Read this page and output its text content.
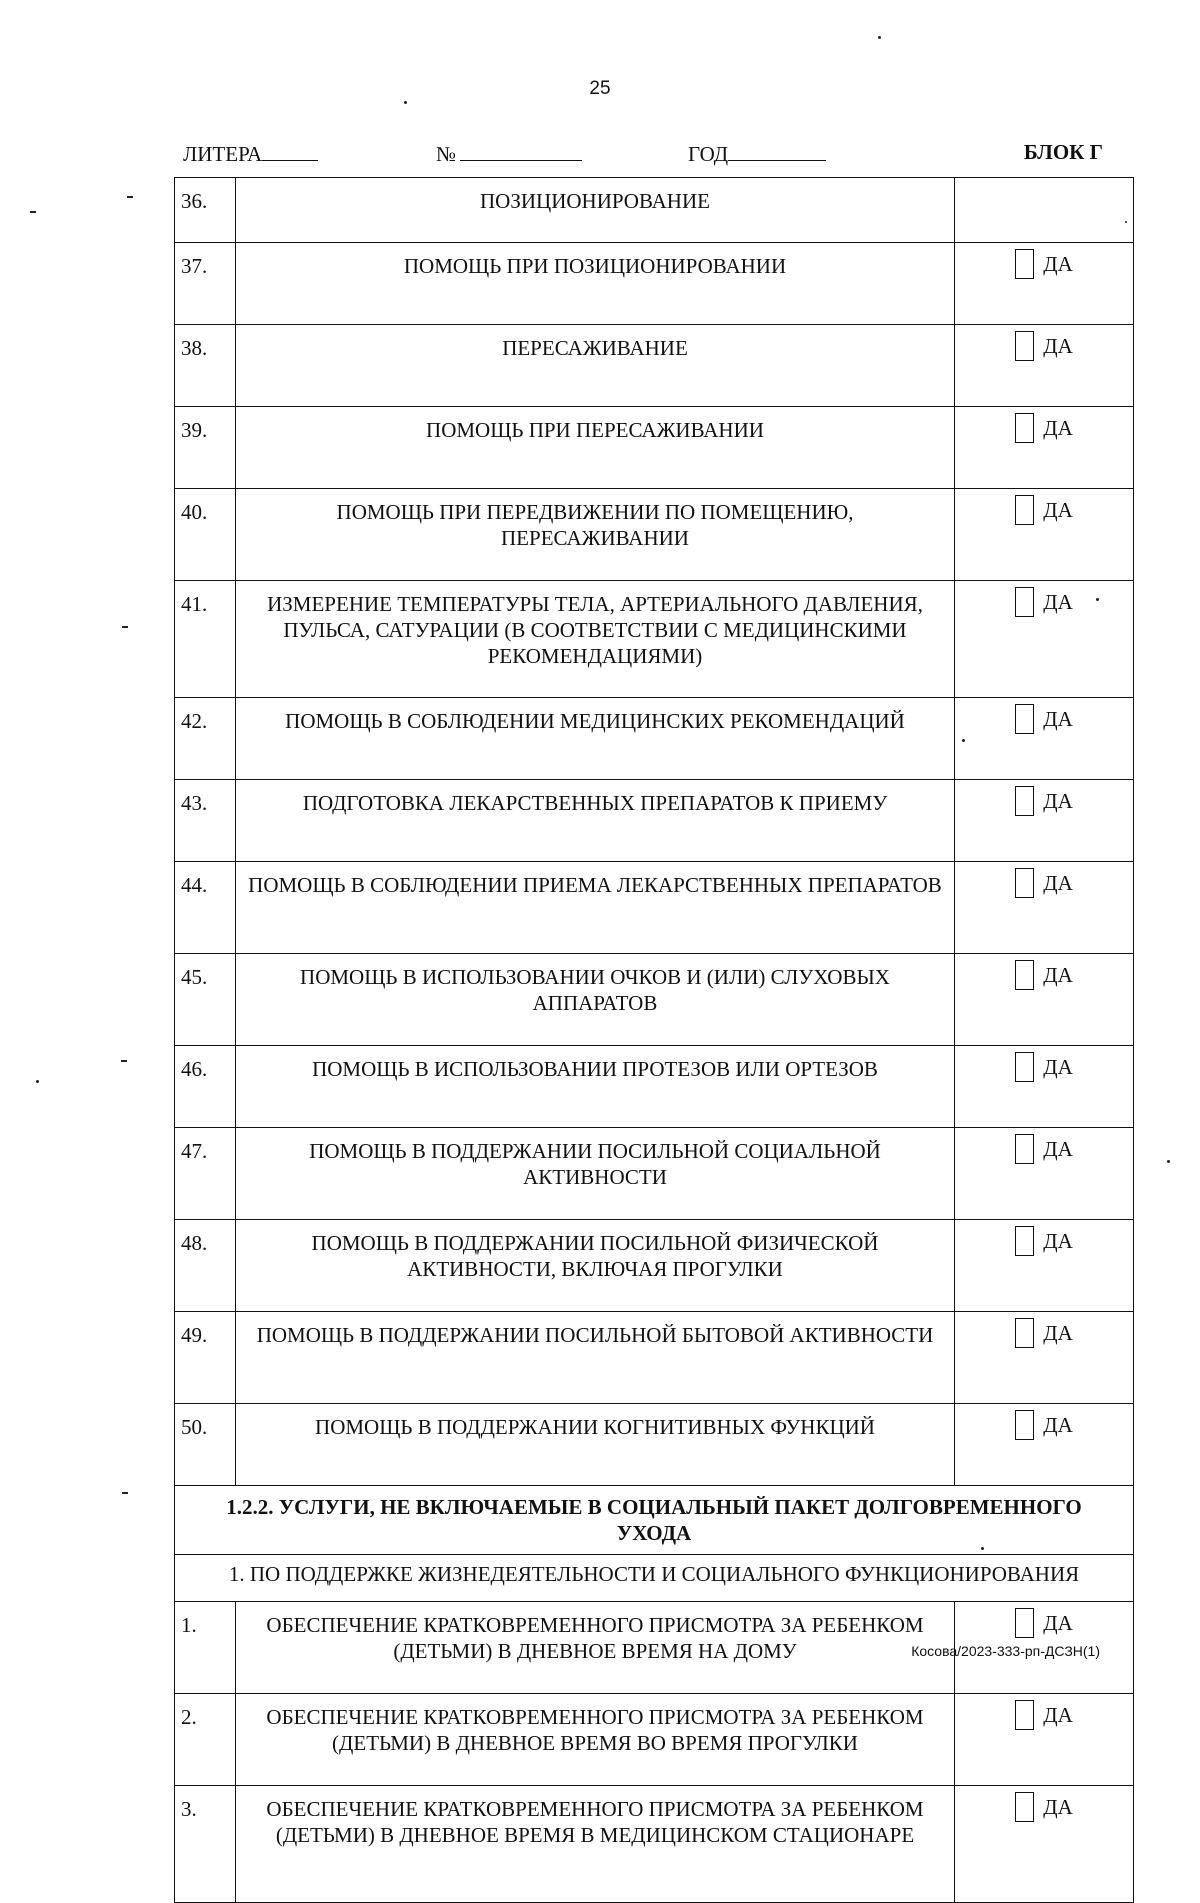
25
ЛИТЕРА	№	ГОД	БЛОК Г
36.	ПОЗИЦИОНИРОВАНИЕ	
37.	ПОМОЩЬ ПРИ ПОЗИЦИОНИРОВАНИИ	ДА

38.	ПЕРЕСАЖИВАНИЕ	ДА

39.	ПОМОЩЬ ПРИ ПЕРЕСАЖИВАНИИ	ДА

40.	ПОМОЩЬ ПРИ ПЕРЕДВИЖЕНИИ ПО ПОМЕЩЕНИЮ, ПЕРЕСАЖИВАНИИ	ДА

41.	ИЗМЕРЕНИЕ ТЕМПЕРАТУРЫ ТЕЛА, АРТЕРИАЛЬНОГО ДАВЛЕНИЯ, ПУЛЬСА, САТУРАЦИИ (В СООТВЕТСТВИИ С МЕДИЦИНСКИМИ РЕКОМЕНДАЦИЯМИ)	ДА

42.	ПОМОЩЬ В СОБЛЮДЕНИИ МЕДИЦИНСКИХ РЕКОМЕНДАЦИЙ	ДА

43.	ПОДГОТОВКА ЛЕКАРСТВЕННЫХ ПРЕПАРАТОВ К ПРИЕМУ	ДА

44.	ПОМОЩЬ В СОБЛЮДЕНИИ ПРИЕМА ЛЕКАРСТВЕННЫХ ПРЕПАРАТОВ	ДА

45.	ПОМОЩЬ В ИСПОЛЬЗОВАНИИ ОЧКОВ И (ИЛИ) СЛУХОВЫХ АППАРАТОВ	ДА

46.	ПОМОЩЬ В ИСПОЛЬЗОВАНИИ ПРОТЕЗОВ ИЛИ ОРТЕЗОВ	ДА

47.	ПОМОЩЬ В ПОДДЕРЖАНИИ ПОСИЛЬНОЙ СОЦИАЛЬНОЙ АКТИВНОСТИ	ДА

48.	ПОМОЩЬ В ПОДДЕРЖАНИИ ПОСИЛЬНОЙ ФИЗИЧЕСКОЙ АКТИВНОСТИ, ВКЛЮЧАЯ ПРОГУЛКИ	ДА

49.	ПОМОЩЬ В ПОДДЕРЖАНИИ ПОСИЛЬНОЙ БЫТОВОЙ АКТИВНОСТИ	ДА

50.	ПОМОЩЬ В ПОДДЕРЖАНИИ КОГНИТИВНЫХ ФУНКЦИЙ	ДА

1.2.2. УСЛУГИ, НЕ ВКЛЮЧАЕМЫЕ В СОЦИАЛЬНЫЙ ПАКЕТ ДОЛГОВРЕМЕННОГО УХОДА		
1. ПО ПОДДЕРЖКЕ ЖИЗНЕДЕЯТЕЛЬНОСТИ И СОЦИАЛЬНОГО ФУНКЦИОНИРОВАНИЯ		
1.	ОБЕСПЕЧЕНИЕ КРАТКОВРЕМЕННОГО ПРИСМОТРА ЗА РЕБЕНКОМ (ДЕТЬМИ) В ДНЕВНОЕ ВРЕМЯ НА ДОМУ	ДА

2.	ОБЕСПЕЧЕНИЕ КРАТКОВРЕМЕННОГО ПРИСМОТРА ЗА РЕБЕНКОМ (ДЕТЬМИ) В ДНЕВНОЕ ВРЕМЯ ВО ВРЕМЯ ПРОГУЛКИ	ДА

3.	ОБЕСПЕЧЕНИЕ КРАТКОВРЕМЕННОГО ПРИСМОТРА ЗА РЕБЕНКОМ (ДЕТЬМИ) В ДНЕВНОЕ ВРЕМЯ В МЕДИЦИНСКОМ СТАЦИОНАРЕ	ДА
Косова/2023-333-рп-ДСЗН(1)
